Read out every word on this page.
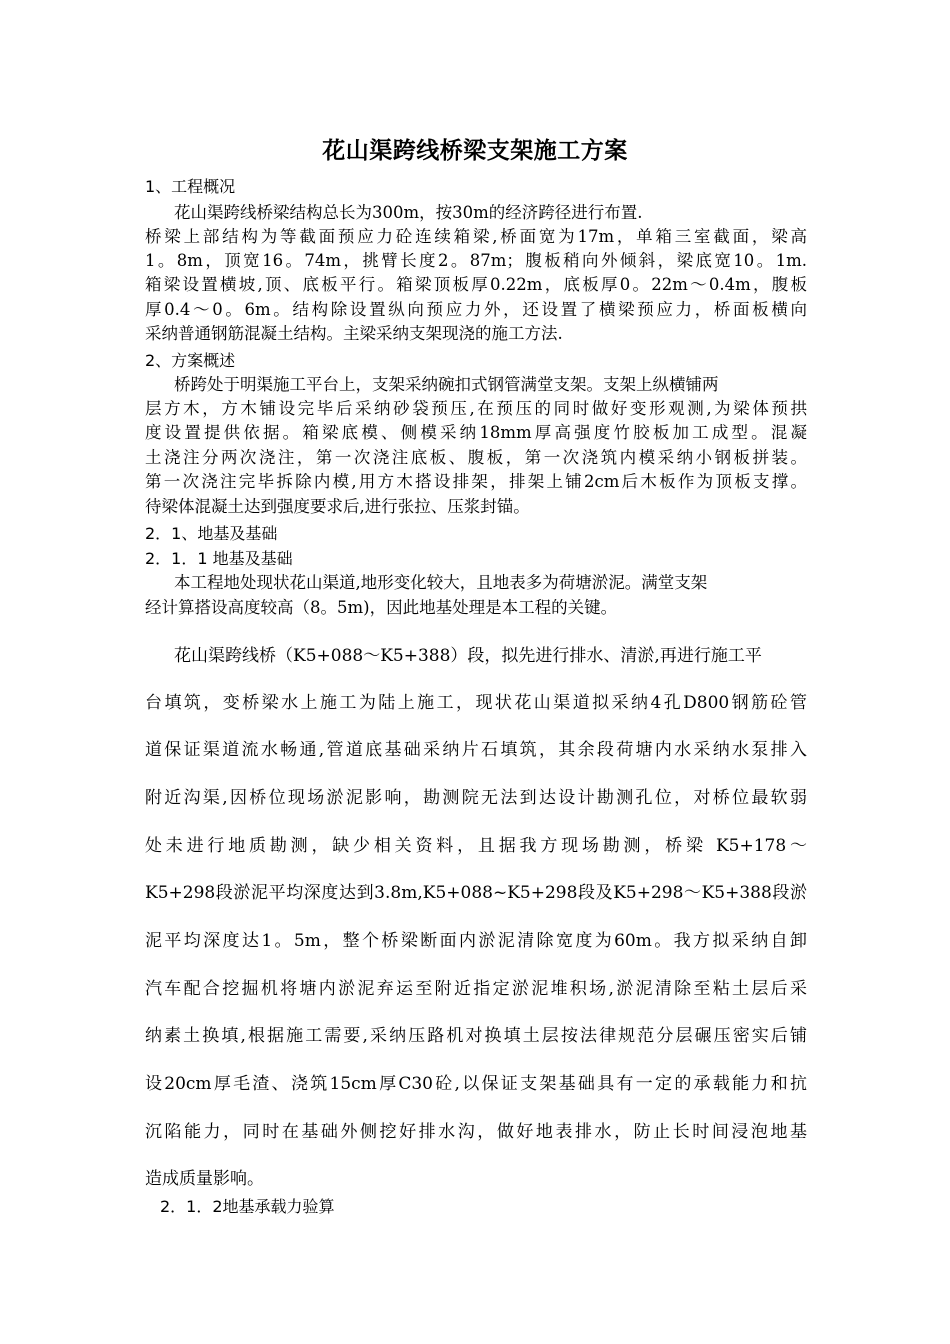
花山渠跨线桥梁支架施工方案
1、工程概况
花山渠跨线桥梁结构总长为300m，按30m的经济跨径进行布置.
桥梁上部结构为等截面预应力砼连续箱梁,桥面宽为17m，单箱三室截面，梁高
1。8m，顶宽16。74m，挑臂长度2。87m；腹板稍向外倾斜，梁底宽10。1m.
箱梁设置横坡,顶、底板平行。箱梁顶板厚0.22m，底板厚0。22m～0.4m，腹板
厚0.4～0。6m。结构除设置纵向预应力外，还设置了横梁预应力，桥面板横向
采纳普通钢筋混凝土结构。主梁采纳支架现浇的施工方法.
2、方案概述
桥跨处于明渠施工平台上，支架采纳碗扣式钢管满堂支架。支架上纵横铺两
层方木，方木铺设完毕后采纳砂袋预压,在预压的同时做好变形观测,为梁体预拱
度设置提供依据。箱梁底模、侧模采纳18mm厚高强度竹胶板加工成型。混凝
土浇注分两次浇注，第一次浇注底板、腹板，第一次浇筑内模采纳小钢板拼装。
第一次浇注完毕拆除内模,用方木搭设排架，排架上铺2cm后木板作为顶板支撑。
待梁体混凝土达到强度要求后,进行张拉、压浆封锚。
2．1、地基及基础
2．1．1 地基及基础
本工程地处现状花山渠道,地形变化较大，且地表多为荷塘淤泥。满堂支架
经计算搭设高度较高（8。5m)，因此地基处理是本工程的关键。
花山渠跨线桥（K5+088～K5+388）段，拟先进行排水、清淤,再进行施工平
台填筑，变桥梁水上施工为陆上施工，现状花山渠道拟采纳4孔D800钢筋砼管
道保证渠道流水畅通,管道底基础采纳片石填筑，其余段荷塘内水采纳水泵排入
附近沟渠,因桥位现场淤泥影响，勘测院无法到达设计勘测孔位，对桥位最软弱
处未进行地质勘测，缺少相关资料，且据我方现场勘测，桥梁 K5+178～
K5+298段淤泥平均深度达到3.8m,K5+088~K5+298段及K5+298～K5+388段淤
泥平均深度达1。5m，整个桥梁断面内淤泥清除宽度为60m。我方拟采纳自卸
汽车配合挖掘机将塘内淤泥弃运至附近指定淤泥堆积场,淤泥清除至粘土层后采
纳素土换填,根据施工需要,采纳压路机对换填土层按法律规范分层碾压密实后铺
设20cm厚毛渣、浇筑15cm厚C30砼,以保证支架基础具有一定的承载能力和抗
沉陷能力，同时在基础外侧挖好排水沟，做好地表排水，防止长时间浸泡地基
造成质量影响。
2．1．2地基承载力验算
